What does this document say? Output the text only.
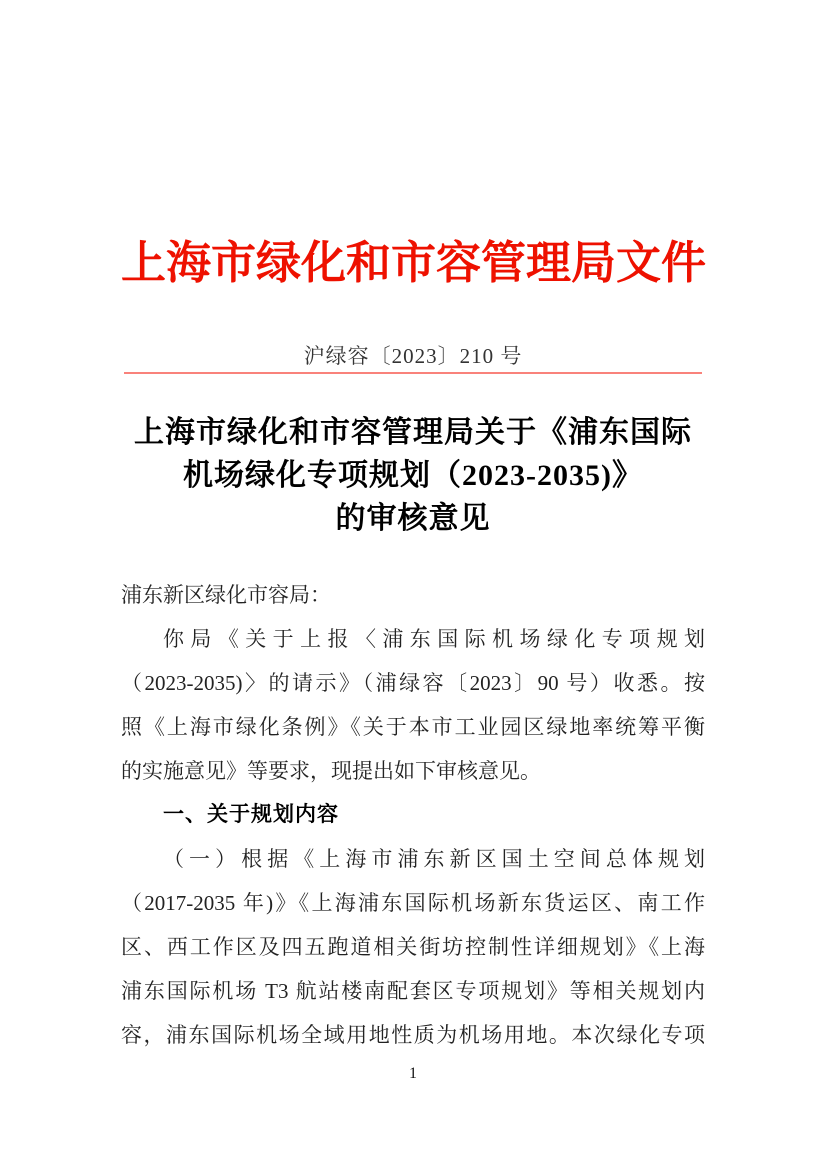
上海市绿化和市容管理局文件
沪绿容〔2023〕210 号
上海市绿化和市容管理局关于《浦东国际
机场绿化专项规划（2023-2035)》
的审核意见
浦东新区绿化市容局：
你局《关于上报〈浦东国际机场绿化专项规划
（2023-2035)〉的请示》（浦绿容〔2023〕90 号）收悉。按
照《上海市绿化条例》《关于本市工业园区绿地率统筹平衡
的实施意见》等要求，现提出如下审核意见。
一、关于规划内容
（一）根据《上海市浦东新区国土空间总体规划
（2017-2035 年)》《上海浦东国际机场新东货运区、南工作
区、西工作区及四五跑道相关街坊控制性详细规划》《上海
浦东国际机场 T3 航站楼南配套区专项规划》等相关规划内
容，浦东国际机场全域用地性质为机场用地。本次绿化专项
1
